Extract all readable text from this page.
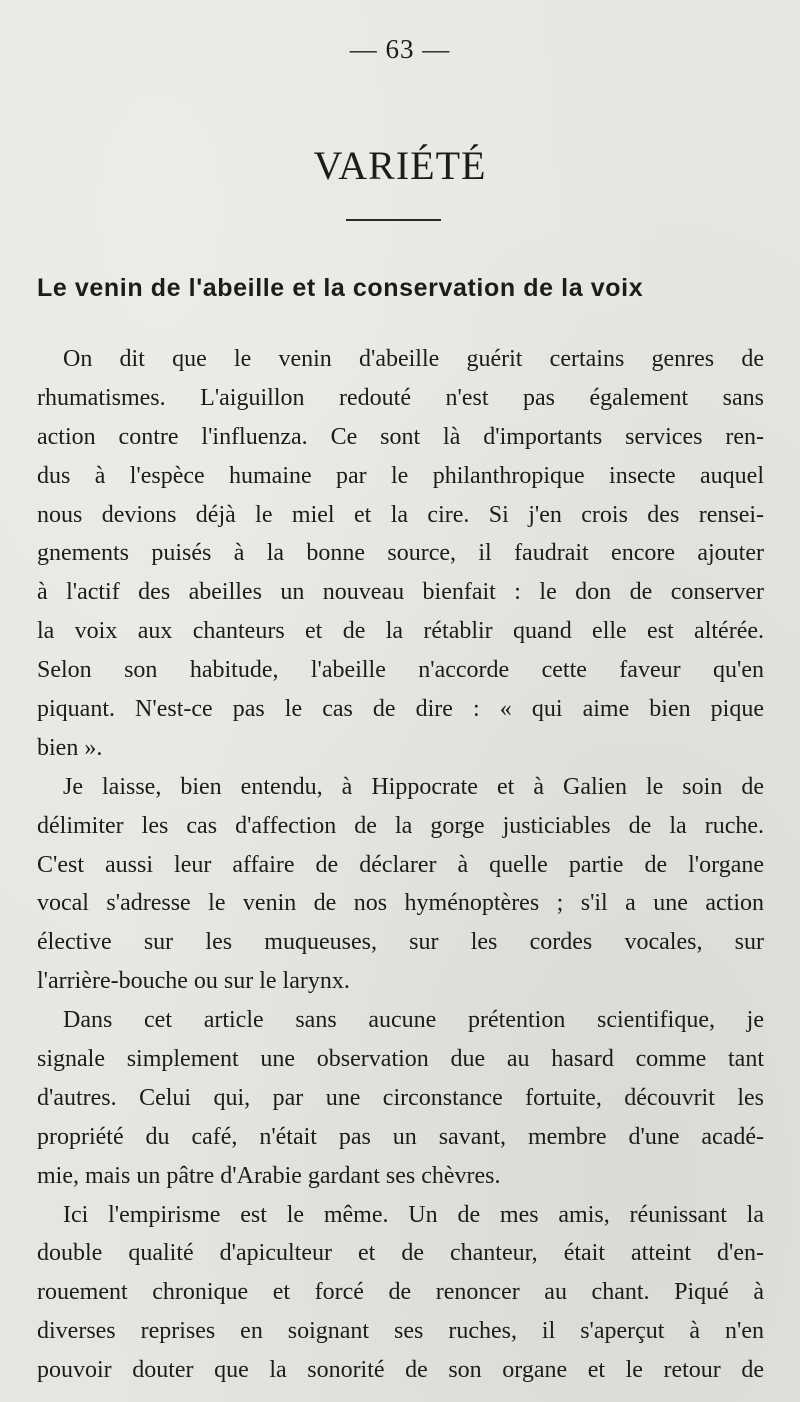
— 63 —
VARIÉTÉ
Le venin de l'abeille et la conservation de la voix
On dit que le venin d'abeille guérit certains genres de
rhumatismes. L'aiguillon redouté n'est pas également sans
action contre l'influenza. Ce sont là d'importants services ren-
dus à l'espèce humaine par le philanthropique insecte auquel
nous devions déjà le miel et la cire. Si j'en crois des rensei-
gnements puisés à la bonne source, il faudrait encore ajouter
à l'actif des abeilles un nouveau bienfait : le don de conserver
la voix aux chanteurs et de la rétablir quand elle est altérée.
Selon son habitude, l'abeille n'accorde cette faveur qu'en
piquant. N'est-ce pas le cas de dire : « qui aime bien pique
bien ».
Je laisse, bien entendu, à Hippocrate et à Galien le soin de
délimiter les cas d'affection de la gorge justiciables de la ruche.
C'est aussi leur affaire de déclarer à quelle partie de l'organe
vocal s'adresse le venin de nos hyménoptères ; s'il a une action
élective sur les muqueuses, sur les cordes vocales, sur
l'arrière-bouche ou sur le larynx.
Dans cet article sans aucune prétention scientifique, je
signale simplement une observation due au hasard comme tant
d'autres. Celui qui, par une circonstance fortuite, découvrit les
propriété du café, n'était pas un savant, membre d'une acadé-
mie, mais un pâtre d'Arabie gardant ses chèvres.
Ici l'empirisme est le même. Un de mes amis, réunissant la
double qualité d'apiculteur et de chanteur, était atteint d'en-
rouement chronique et forcé de renoncer au chant. Piqué à
diverses reprises en soignant ses ruches, il s'aperçut à n'en
pouvoir douter que la sonorité de son organe et le retour de
